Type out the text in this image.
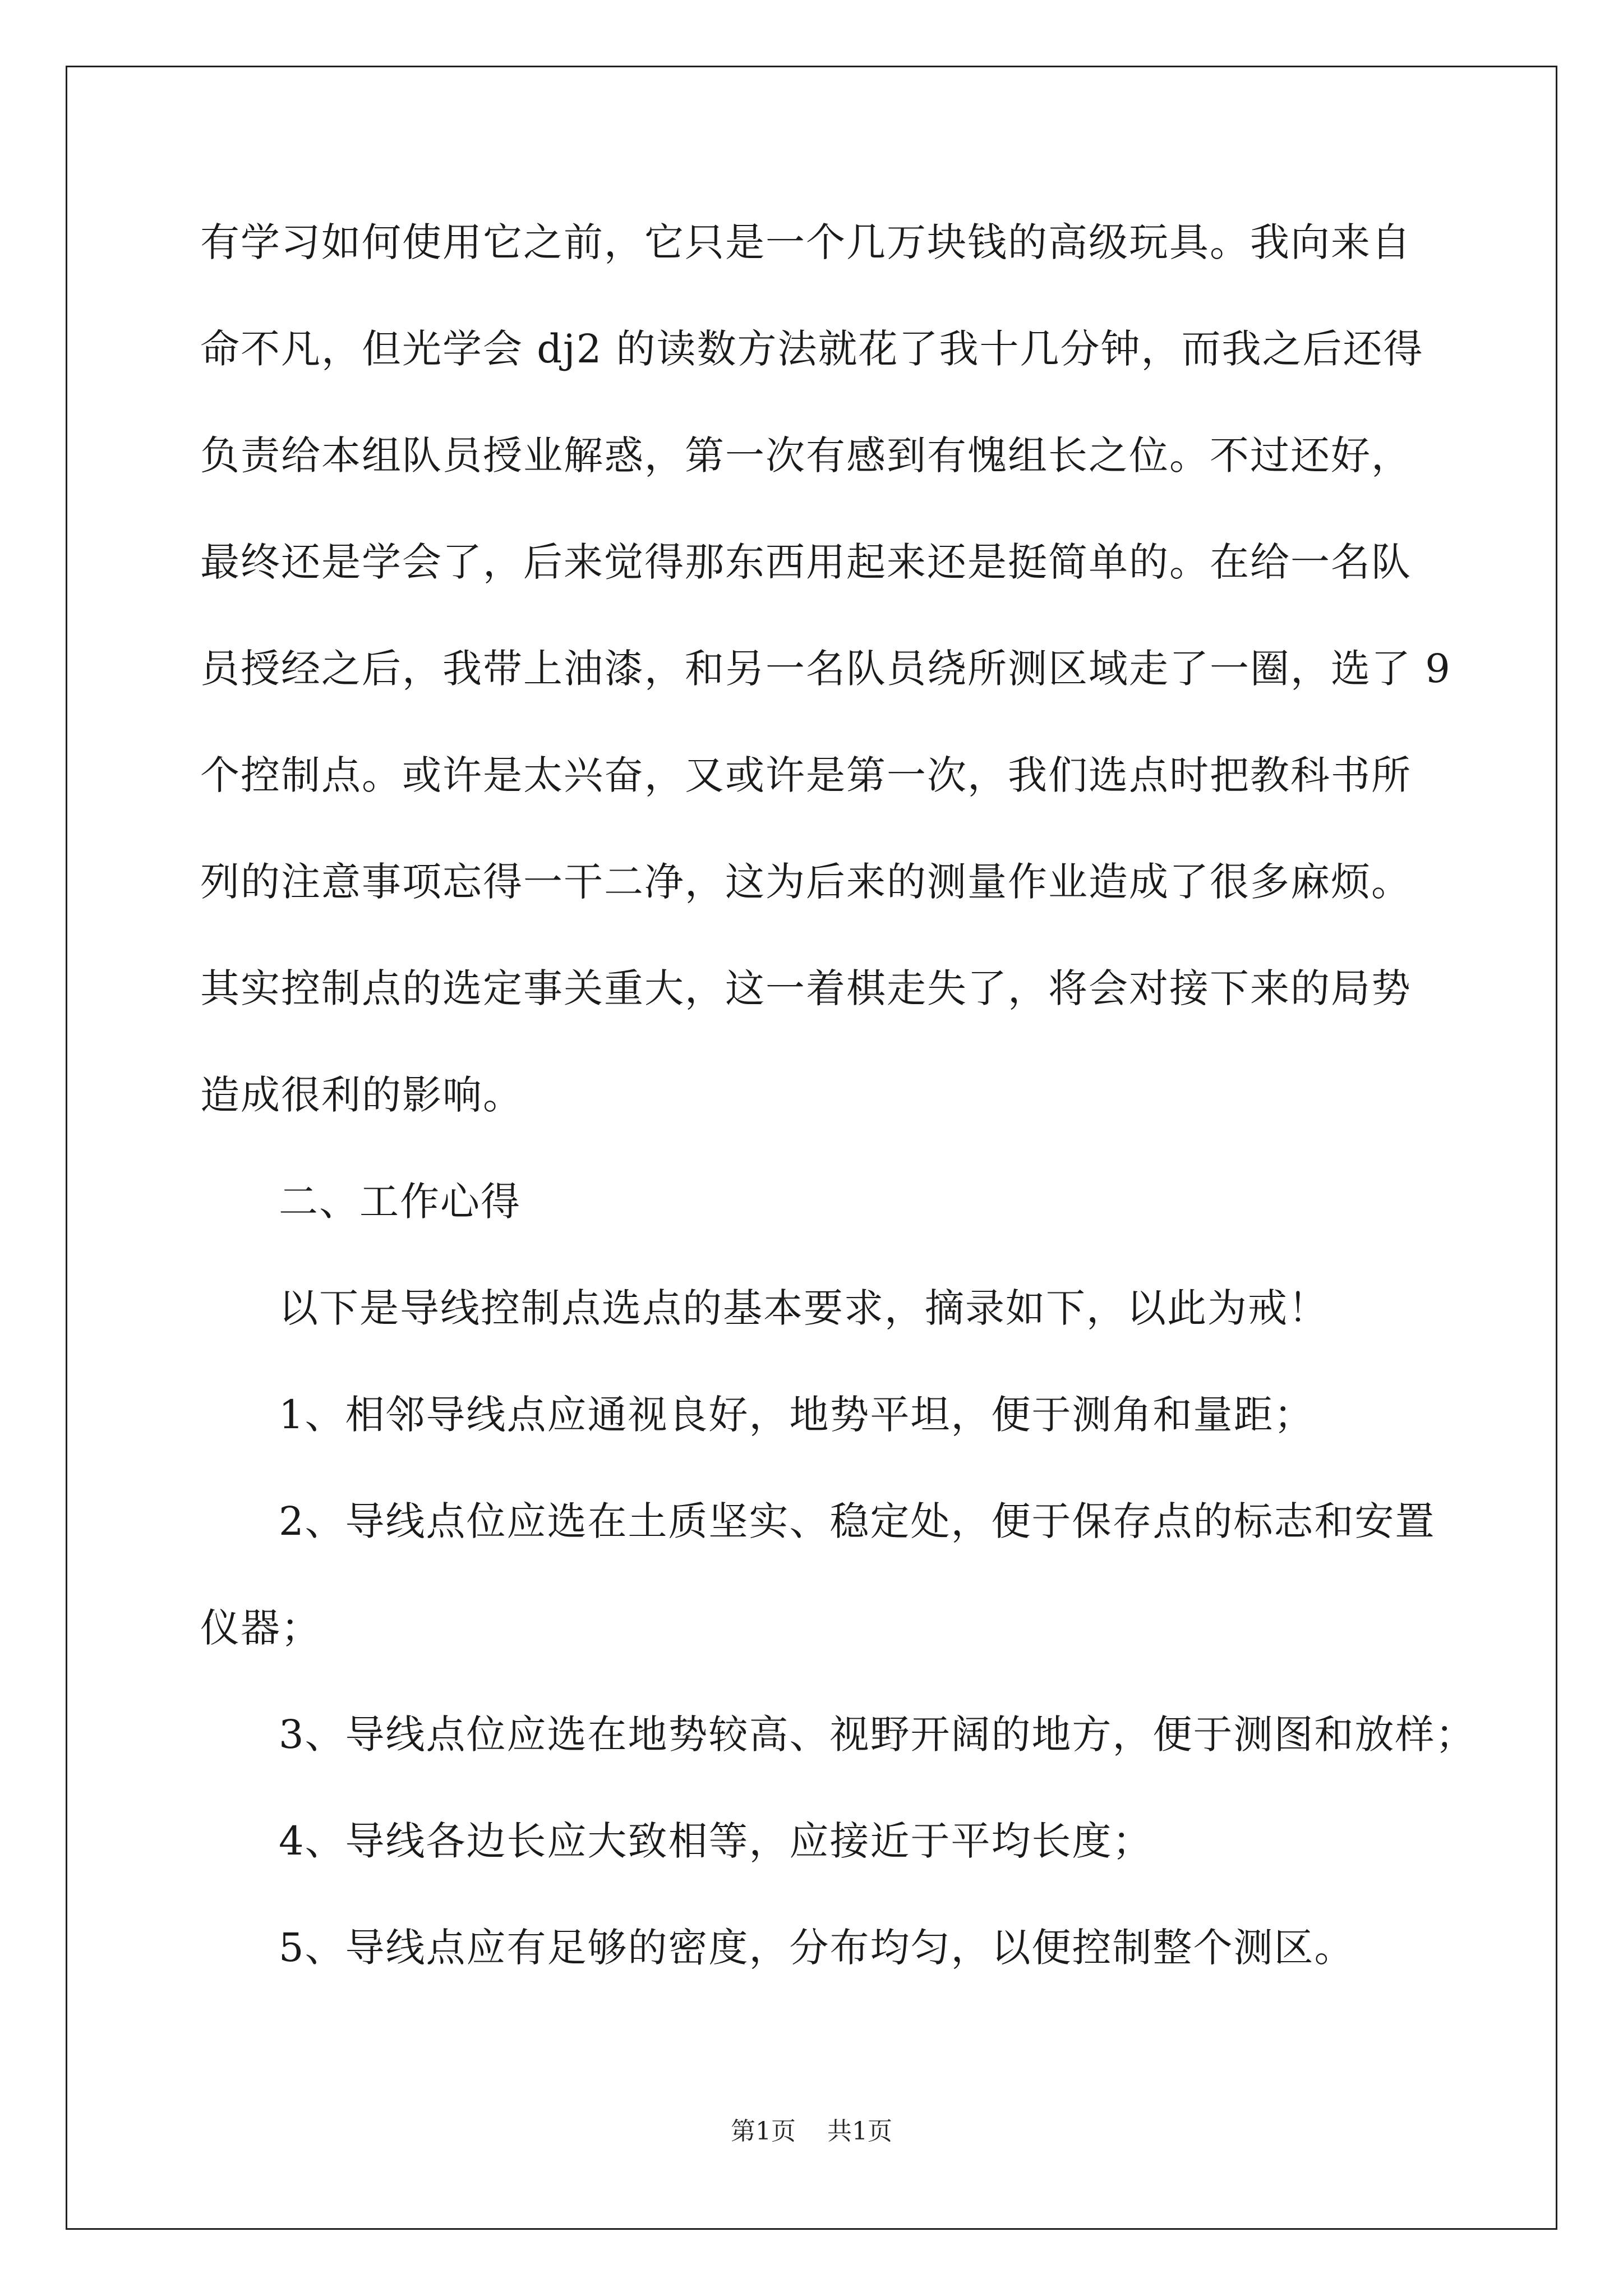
有学习如何使用它之前，它只是一个几万块钱的高级玩具。我向来自
命不凡，但光学会 dj2 的读数方法就花了我十几分钟，而我之后还得
负责给本组队员授业解惑，第一次有感到有愧组长之位。不过还好，
最终还是学会了，后来觉得那东西用起来还是挺简单的。在给一名队
员授经之后，我带上油漆，和另一名队员绕所测区域走了一圈，选了 9
个控制点。或许是太兴奋，又或许是第一次，我们选点时把教科书所
列的注意事项忘得一干二净，这为后来的测量作业造成了很多麻烦。
其实控制点的选定事关重大，这一着棋走失了，将会对接下来的局势
造成很利的影响。
二、工作心得
以下是导线控制点选点的基本要求，摘录如下，以此为戒！
1、相邻导线点应通视良好，地势平坦，便于测角和量距；
2、导线点位应选在土质坚实、稳定处，便于保存点的标志和安置
仪器；
3、导线点位应选在地势较高、视野开阔的地方，便于测图和放样；
4、导线各边长应大致相等，应接近于平均长度；
5、导线点应有足够的密度，分布均匀，以便控制整个测区。
第1页 共1页
